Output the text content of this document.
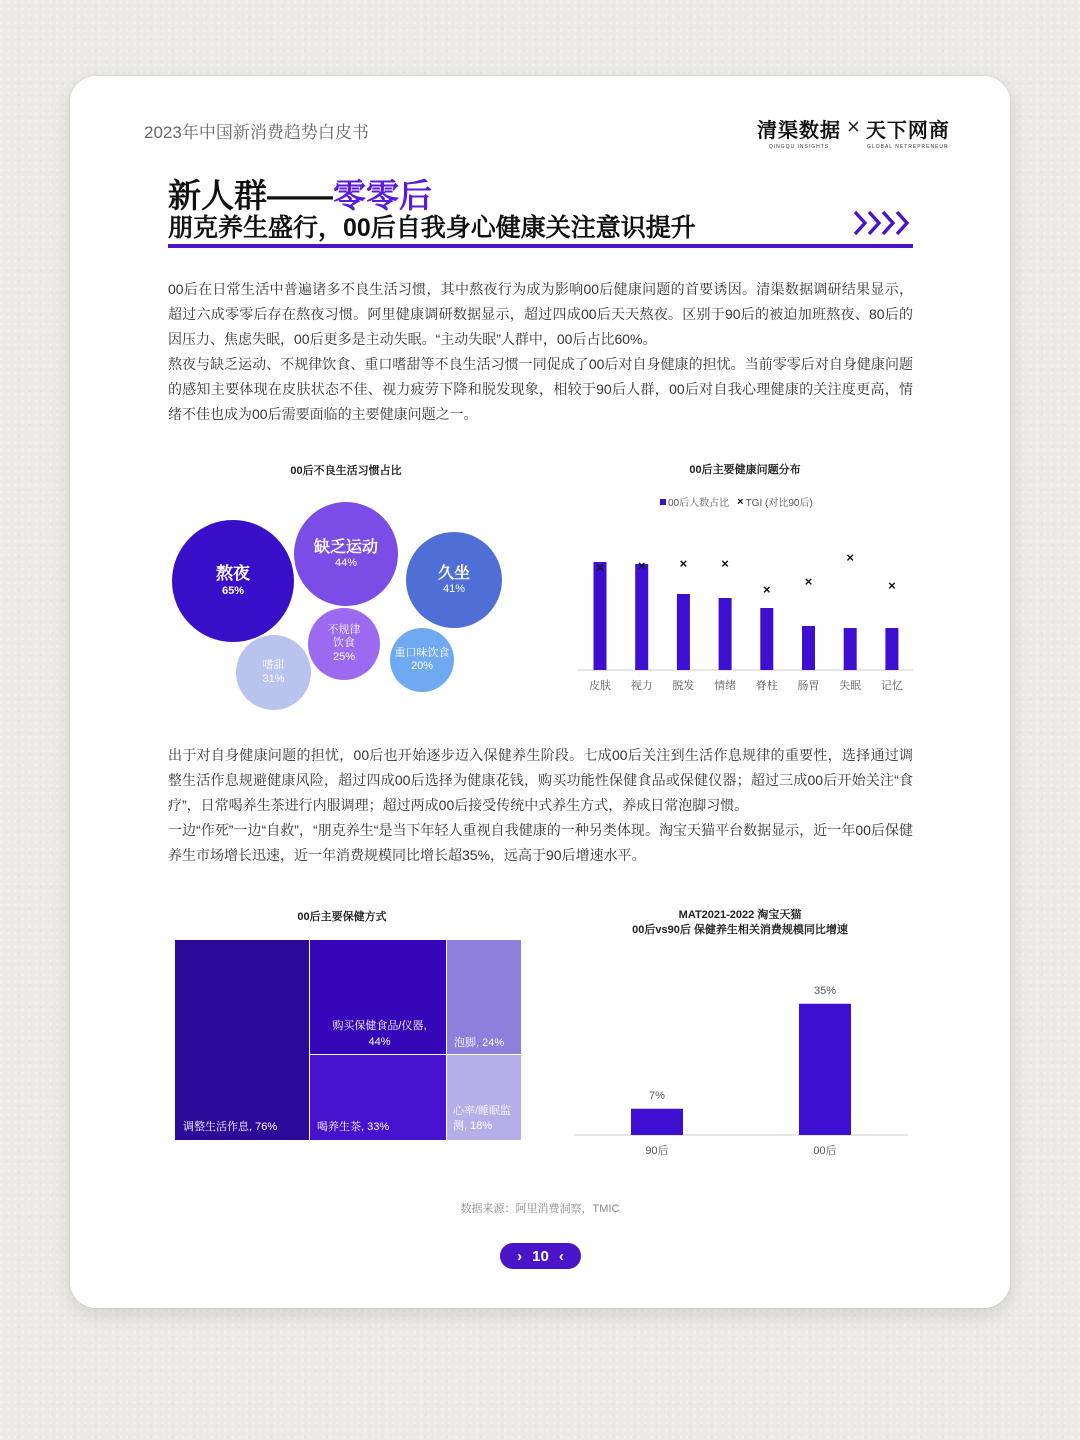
2023年中国新消费趋势白皮书	清渠数据
QINGQU INSIGHTS
× 天下网商
GLOBAL NETREPRENEUR
新人群——零零后
朋克养生盛行，00后自我身心健康关注意识提升
00后在日常生活中普遍诸多不良生活习惯，其中熬夜行为成为影响00后健康问题的首要诱因。清渠数据调研结果显示，超过六成零零后存在熬夜习惯。阿里健康调研数据显示，超过四成00后天天熬夜。区别于90后的被迫加班熬夜、80后的因压力、焦虑失眠，00后更多是主动失眠。“主动失眠”人群中，00后占比60%。
熬夜与缺乏运动、不规律饮食、重口嗜甜等不良生活习惯一同促成了00后对自身健康的担忧。当前零零后对自身健康问题的感知主要体现在皮肤状态不佳、视力疲劳下降和脱发现象，相较于90后人群，00后对自我心理健康的关注度更高，情绪不佳也成为00后需要面临的主要健康问题之一。
00后不良生活习惯占比
熬夜
65%
缺乏运动
44%
久坐
41%
不规律饮食
25%
嗜甜
31%
重口味饮食
20%
00后主要健康问题分布
00后人数占比 × TGI (对比90后)
×
皮肤
×
视力
×
脱发
×
情绪
×
脊柱
×
肠胃
×
失眠
×
记忆
出于对自身健康问题的担忧，00后也开始逐步迈入保健养生阶段。七成00后关注到生活作息规律的重要性，选择通过调整生活作息规避健康风险，超过四成00后选择为健康花钱，购买功能性保健食品或保健仪器；超过三成00后开始关注“食疗”，日常喝养生茶进行内服调理；超过两成00后接受传统中式养生方式，养成日常泡脚习惯。
一边“作死”一边“自救”，“朋克养生“是当下年轻人重视自我健康的一种另类体现。淘宝天猫平台数据显示，近一年00后保健养生市场增长迅速，近一年消费规模同比增长超35%，远高于90后增速水平。
00后主要保健方式
调整生活作息, 76%
购买保健食品/仪器,
44%
喝养生茶, 33%
泡脚, 24%
心率/睡眠监测, 18%
MAT2021-2022 淘宝天猫
00后vs90后 保健养生相关消费规模同比增速
7%
90后
35%
00后
数据来源：阿里消费洞察，TMIC
› 10 ‹
